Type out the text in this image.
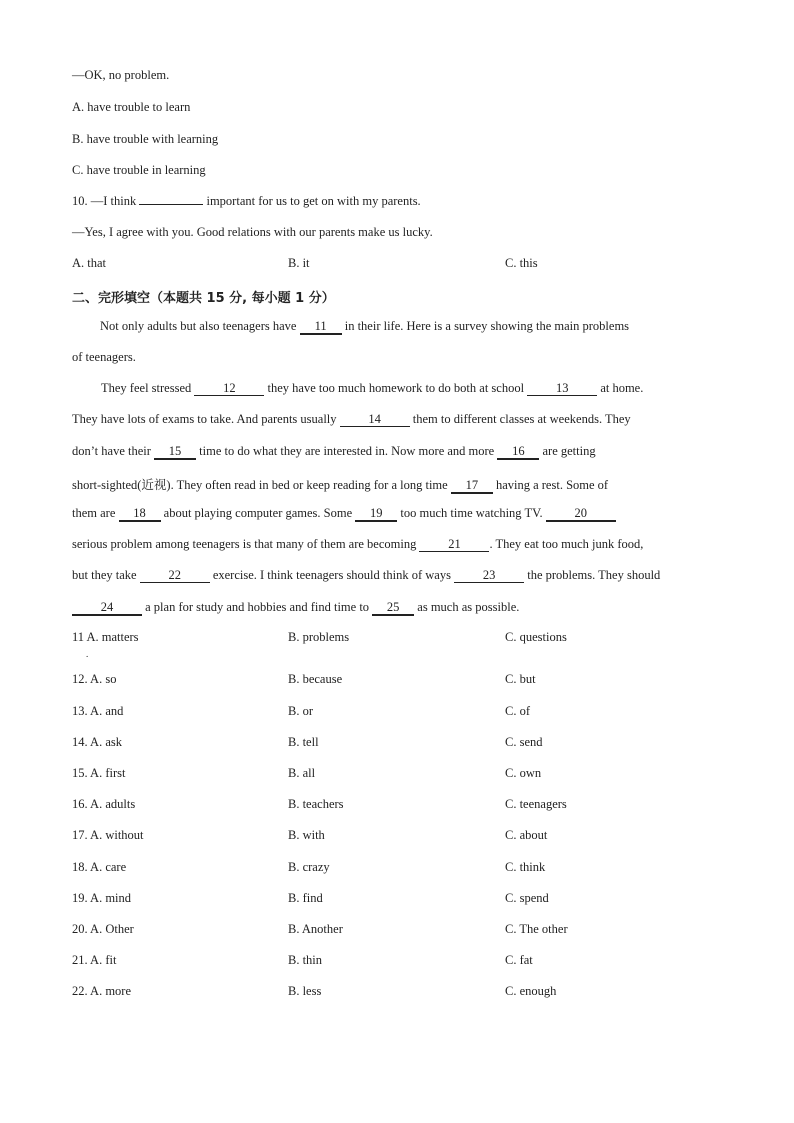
—OK, no problem.
A. have trouble to learn
B. have trouble with learning
C. have trouble in learning
10. —I think	important for us to get on with my parents.
—Yes, I agree with you. Good relations with our parents make us lucky.
A. that	B. it	C. this
二、完形填空（本题共 15 分, 每小题 1 分）
Not only adults but also teenagers have 11 in their life. Here is a survey showing the main problems
of teenagers.
They feel stressed 12 they have too much homework to do both at school 13 at home.
They have lots of exams to take. And parents usually 14 them to different classes at weekends. They
don’t have their 15 time to do what they are interested in. Now more and more 16 are getting
short-sighted(近视). They often read in bed or keep reading for a long time 17 having a rest. Some of
them are 18 about playing computer games. Some 19 too much time watching TV. 20
serious problem among teenagers is that many of them are becoming 21 . They eat too much junk food,
but they take 22 exercise. I think teenagers should think of ways 23 the problems. They should
24 a plan for study and hobbies and find time to 25 as much as possible.
11 A. matters	B. problems	C. questions
.
12. A. so	B. because	C. but
13. A. and	B. or	C. of
14. A. ask	B. tell	C. send
15. A. first	B. all	C. own
16. A. adults	B. teachers	C. teenagers
17. A. without	B. with	C. about
18. A. care	B. crazy	C. think
19. A. mind	B. find	C. spend
20. A. Other	B. Another	C. The other
21. A. fit	B. thin	C. fat
22. A. more	B. less	C. enough
